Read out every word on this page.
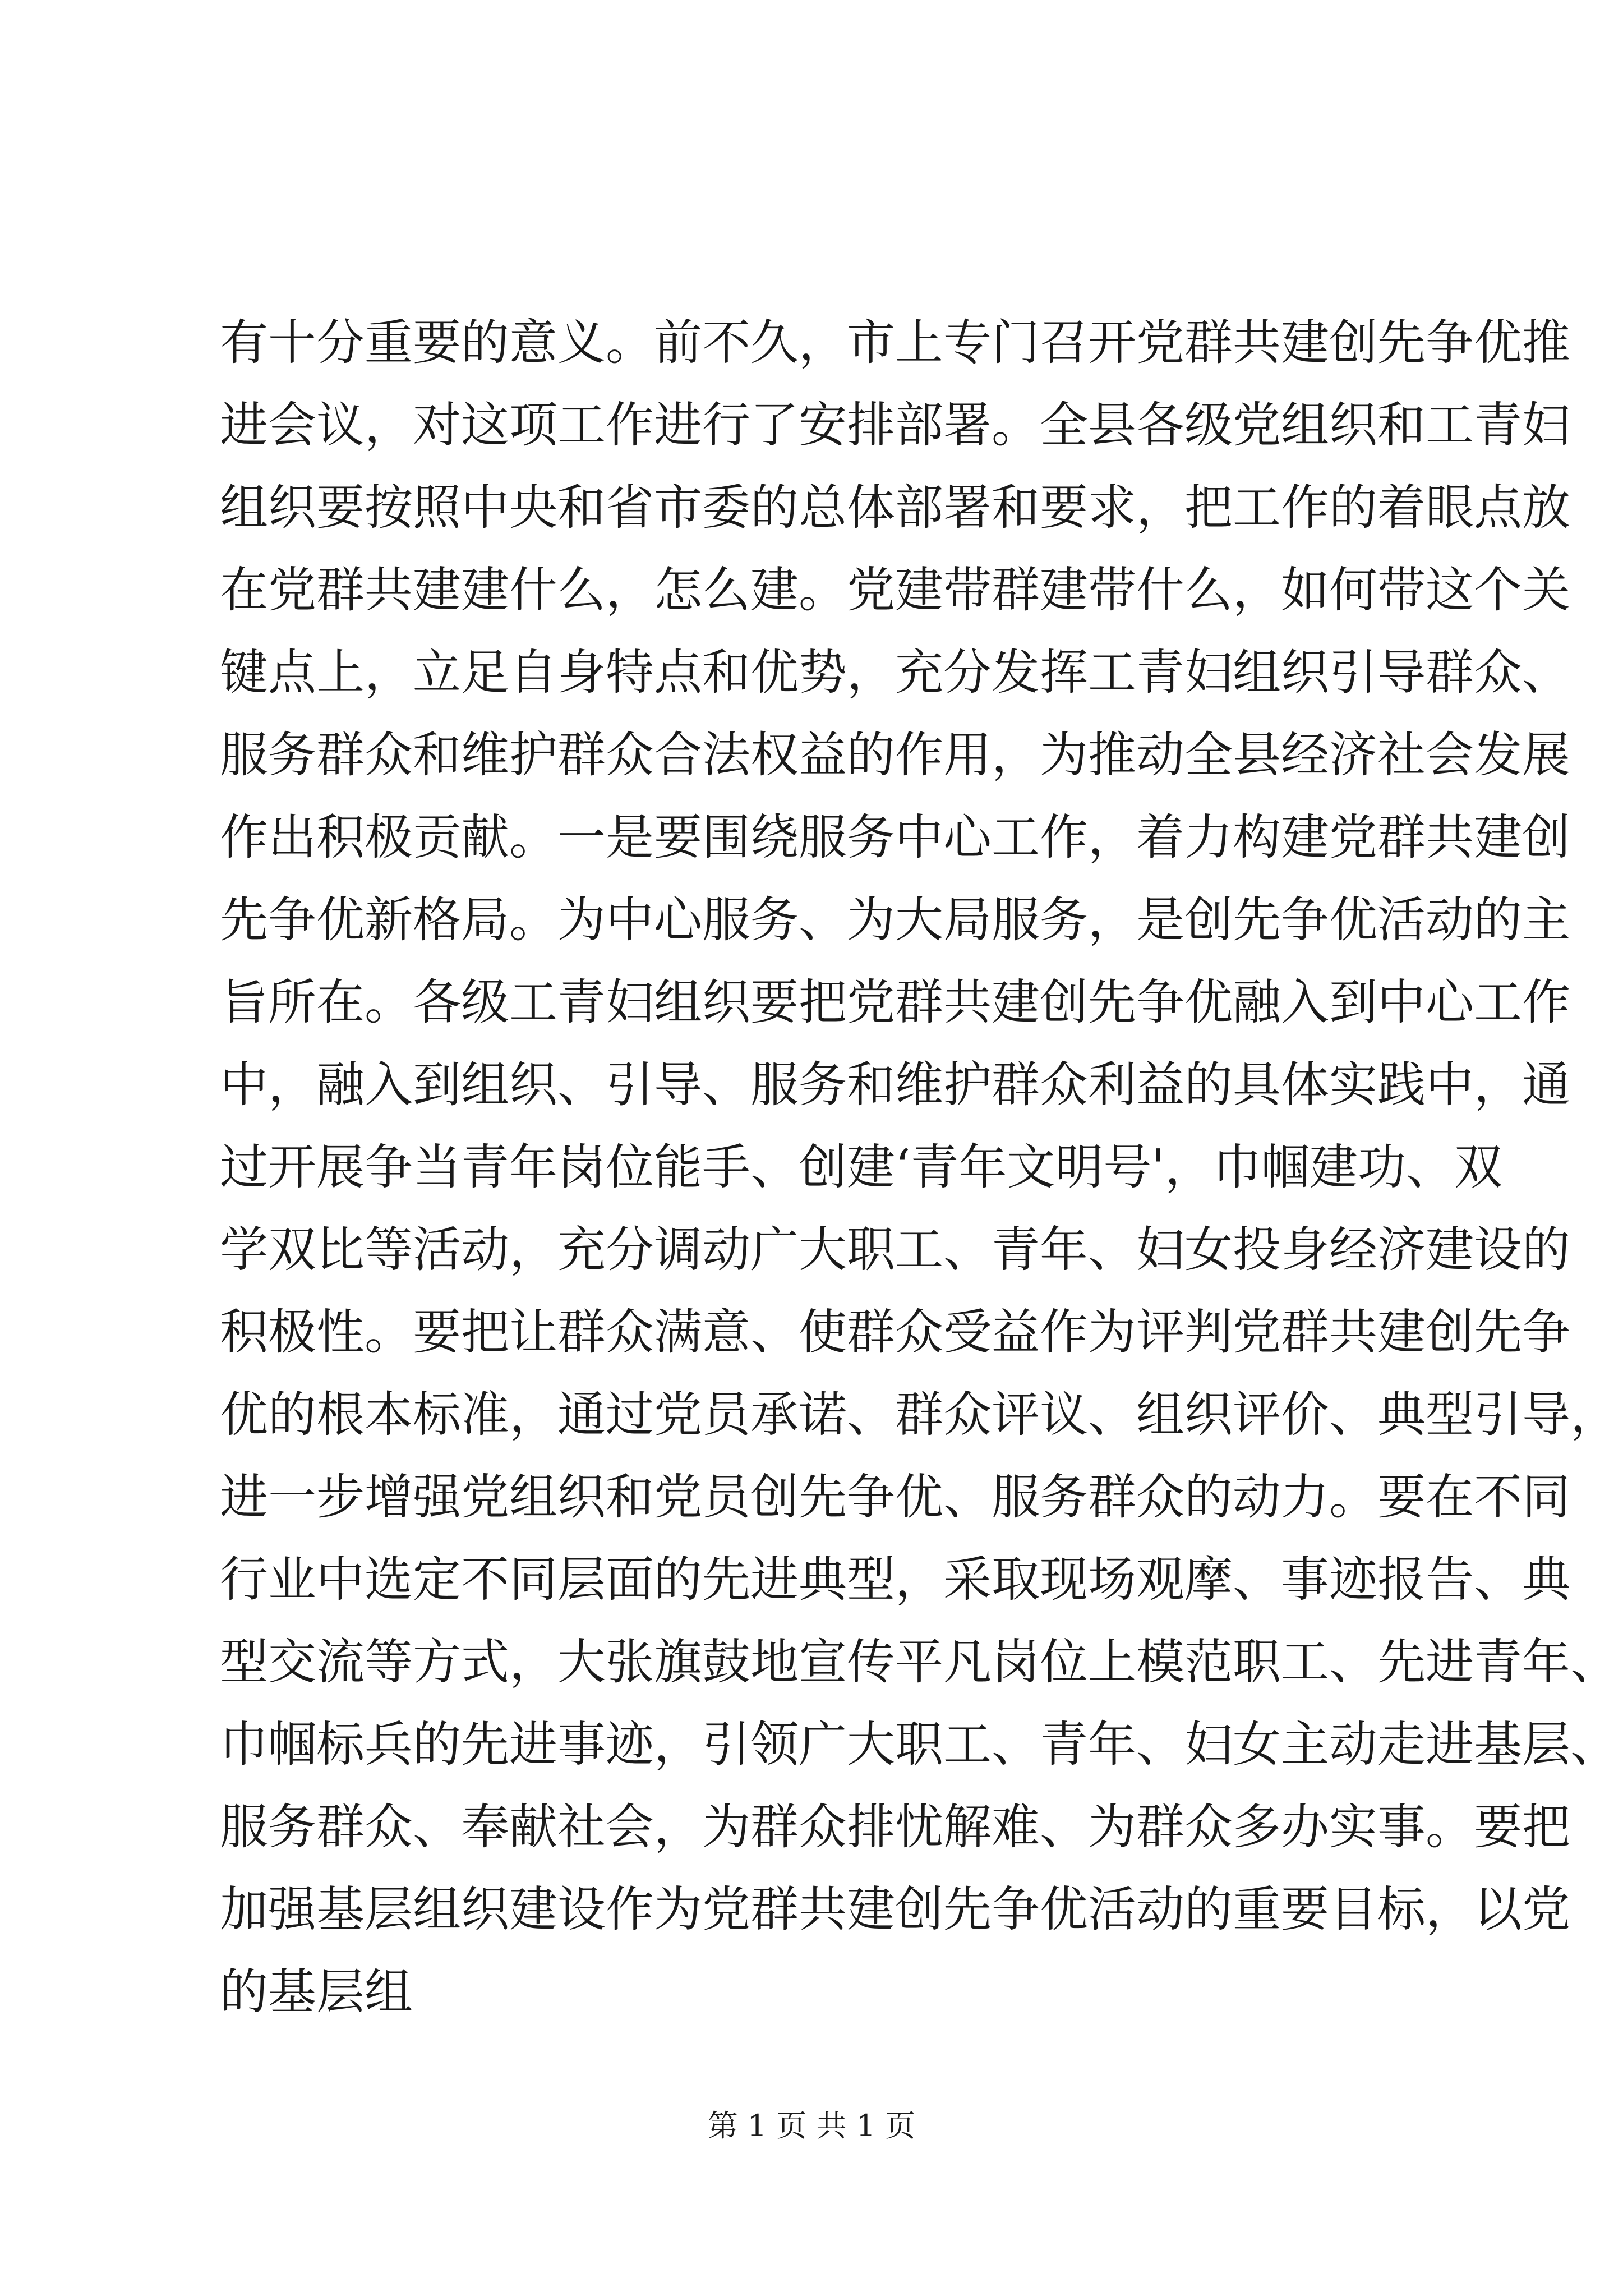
有十分重要的意义。前不久，市上专门召开党群共建创先争优推
进会议，对这项工作进行了安排部署。全县各级党组织和工青妇
组织要按照中央和省市委的总体部署和要求，把工作的着眼点放
在党群共建建什么，怎么建。党建带群建带什么，如何带这个关
键点上，立足自身特点和优势，充分发挥工青妇组织引导群众、
服务群众和维护群众合法权益的作用，为推动全县经济社会发展
作出积极贡献。一是要围绕服务中心工作，着力构建党群共建创
先争优新格局。为中心服务、为大局服务，是创先争优活动的主
旨所在。各级工青妇组织要把党群共建创先争优融入到中心工作
中，融入到组织、引导、服务和维护群众利益的具体实践中，通
过开展争当青年岗位能手、创建‘青年文明号'，巾帼建功、双
学双比等活动，充分调动广大职工、青年、妇女投身经济建设的
积极性。要把让群众满意、使群众受益作为评判党群共建创先争
优的根本标准，通过党员承诺、群众评议、组织评价、典型引导，
进一步增强党组织和党员创先争优、服务群众的动力。要在不同
行业中选定不同层面的先进典型，采取现场观摩、事迹报告、典
型交流等方式，大张旗鼓地宣传平凡岗位上模范职工、先进青年、
巾帼标兵的先进事迹，引领广大职工、青年、妇女主动走进基层、
服务群众、奉献社会，为群众排忧解难、为群众多办实事。要把
加强基层组织建设作为党群共建创先争优活动的重要目标，以党
的基层组
第 1 页 共 1 页
